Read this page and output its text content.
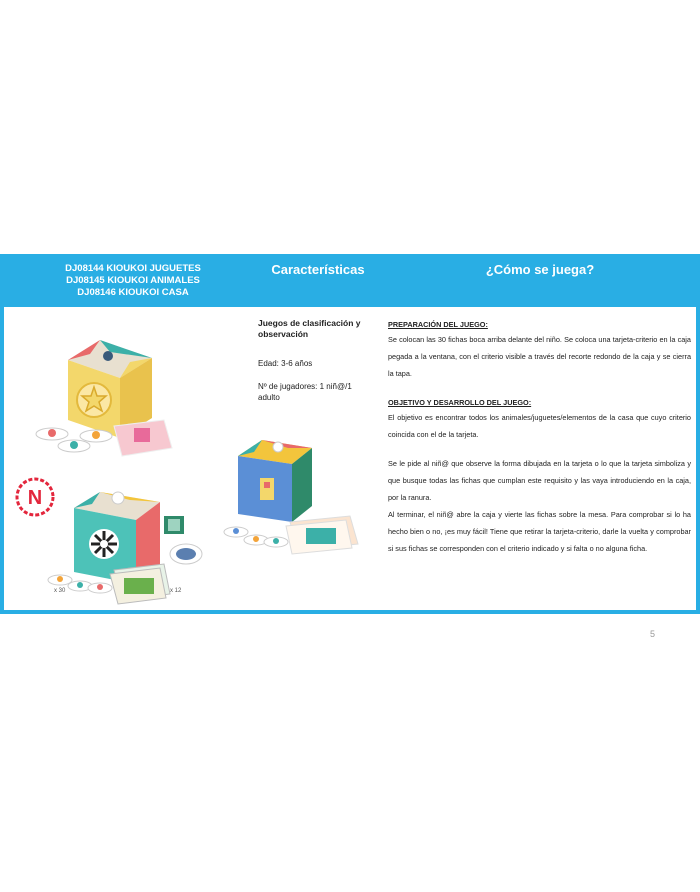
DJ08144 KIOUKOI JUGUETES
DJ08145 KIOUKOI ANIMALES
DJ08146 KIOUKOI CASA
Características	¿Cómo se juega?
Juegos de clasificación y observación
Edad: 3-6 años
Nº de jugadores: 1 niñ@/1 adulto
PREPARACIÓN DEL JUEGO:

Se colocan las 30 fichas boca arriba delante del niño. Se coloca una tarjeta-criterio en la caja pegada a la ventana, con el criterio visible a través del recorte redondo de la caja y se cierra la tapa.

OBJETIVO Y DESARROLLO DEL JUEGO:

El objetivo es encontrar todos los animales/juguetes/elementos de la casa que cuyo criterio coincida con el de la tarjeta.

Se le pide al niñ@ que observe la forma dibujada en la tarjeta o lo que la tarjeta simboliza y que busque todas las fichas que cumplan este requisito y las vaya introduciendo en la caja, por la ranura.

Al terminar, el niñ@ abre la caja y vierte las fichas sobre la mesa. Para comprobar si lo ha hecho bien o no, ¡es muy fácil! Tiene que retirar la tarjeta-criterio, darle la vuelta y comprobar si sus fichas se corresponden con el criterio indicado y si falta o no alguna ficha.

N
x 30	x 12
5
